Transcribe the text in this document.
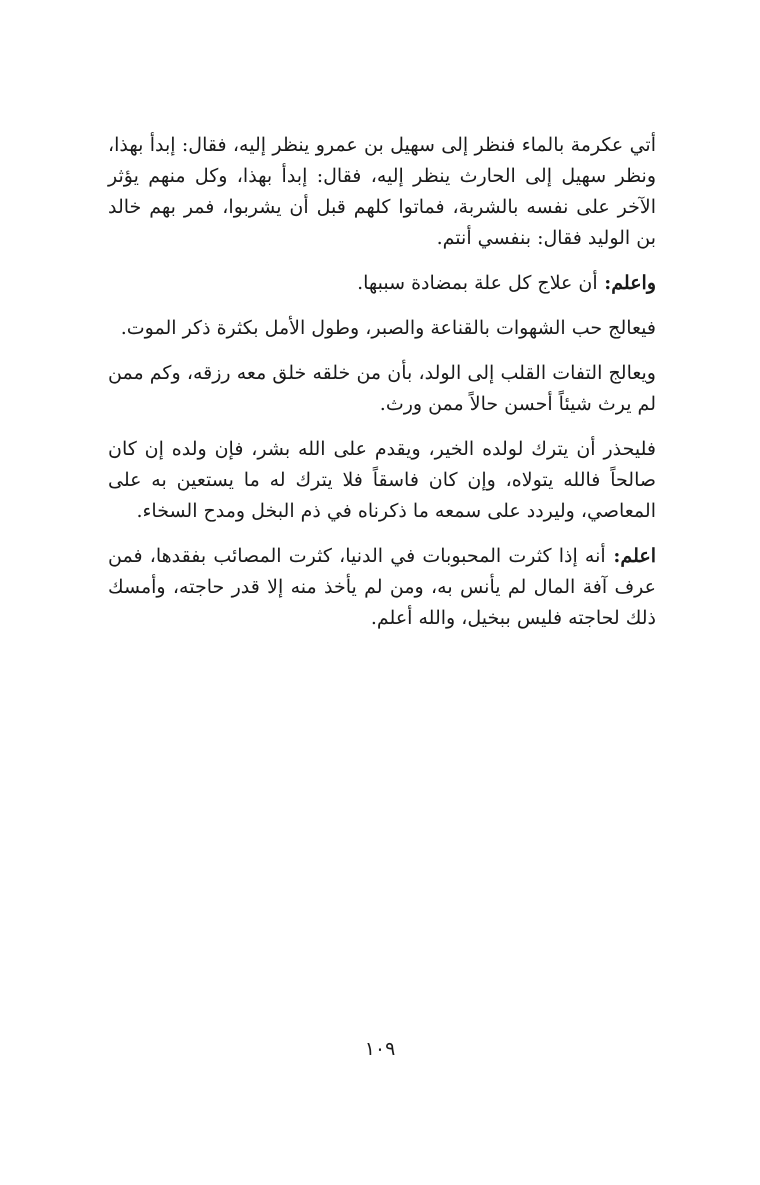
أتي عكرمة بالماء فنظر إلى سهيل بن عمرو ينظر إليه، فقال: إبدأ بهذا، ونظر سهيل إلى الحارث ينظر إليه، فقال: إبدأ بهذا، وكل منهم يؤثر الآخر على نفسه بالشربة، فماتوا كلهم قبل أن يشربوا، فمر بهم خالد بن الوليد فقال: بنفسي أنتم.

واعلم: أن علاج كل علة بمضادة سببها.

فيعالج حب الشهوات بالقناعة والصبر، وطول الأمل بكثرة ذكر الموت.

ويعالج التفات القلب إلى الولد، بأن من خلقه خلق معه رزقه، وكم ممن لم يرث شيئاً أحسن حالاً ممن ورث.

فليحذر أن يترك لولده الخير، ويقدم على الله بشر، فإن ولده إن كان صالحاً فالله يتولاه، وإن كان فاسقاً فلا يترك له ما يستعين به على المعاصي، وليردد على سمعه ما ذكرناه في ذم البخل ومدح السخاء.

اعلم: أنه إذا كثرت المحبوبات في الدنيا، كثرت المصائب بفقدها، فمن عرف آفة المال لم يأنس به، ومن لم يأخذ منه إلا قدر حاجته، وأمسك ذلك لحاجته فليس ببخيل، والله أعلم.

١٠٩
